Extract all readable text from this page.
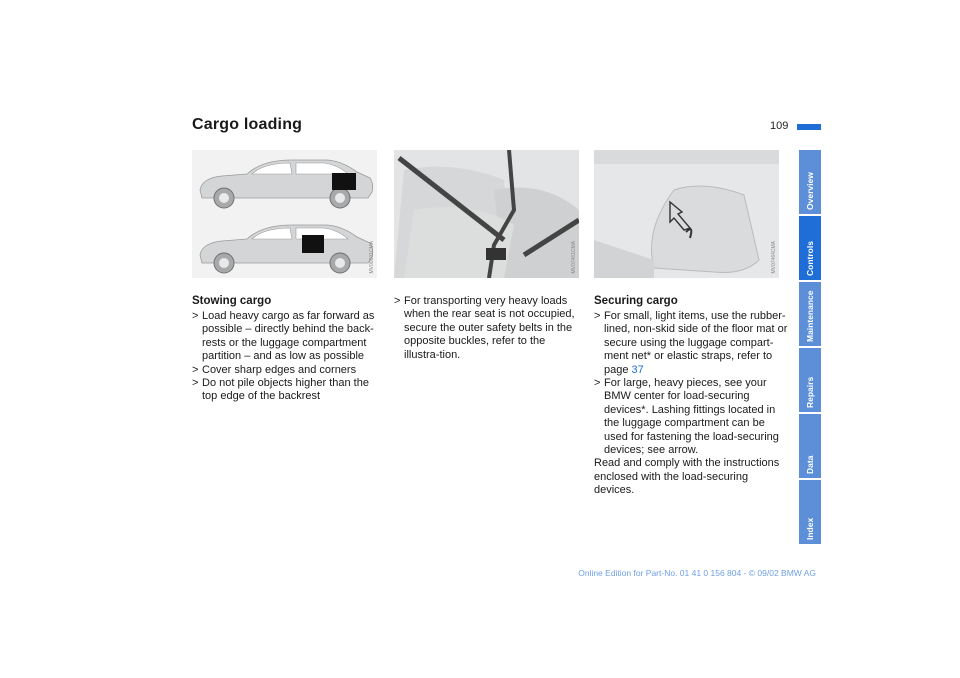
Cargo loading	109
MV00601CMA	MV07461CMA	MV07464CMA
Overview
Controls
Maintenance
Repairs
Data
Index
Stowing cargo
> Load heavy cargo as far forward as possible – directly behind the back-rests or the luggage compartment partition – and as low as possible
> Cover sharp edges and corners
> Do not pile objects higher than the top edge of the backrest
> For transporting very heavy loads when the rear seat is not occupied, secure the outer safety belts in the opposite buckles, refer to the illustra-tion.
Securing cargo
> For small, light items, use the rubber-lined, non-skid side of the floor mat or secure using the luggage compart-ment net* or elastic straps, refer to page 37
> For large, heavy pieces, see your BMW center for load-securing devices*. Lashing fittings located in the luggage compartment can be used for fastening the load-securing devices; see arrow.
Read and comply with the instructions enclosed with the load-securing devices.
Online Edition for Part-No. 01 41 0 156 804 - © 09/02 BMW AG
